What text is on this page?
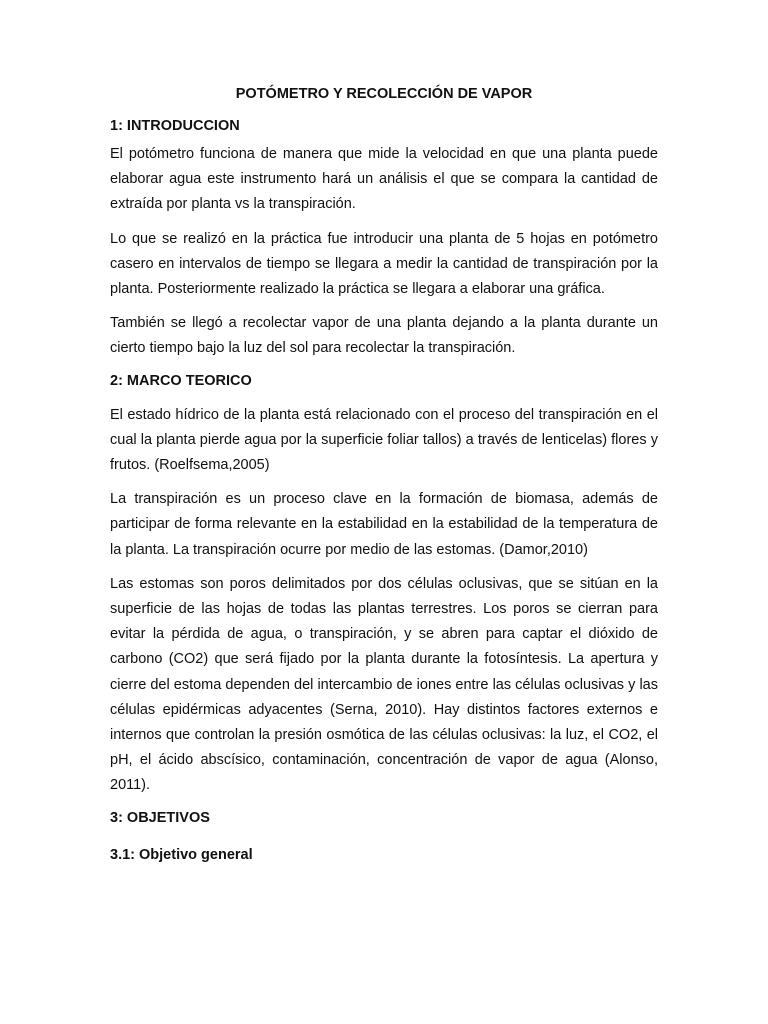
POTÓMETRO Y RECOLECCIÓN DE VAPOR
1: INTRODUCCION

El potómetro funciona de manera que mide la velocidad en que una planta puede elaborar agua este instrumento hará un análisis el que se compara la cantidad de extraída por planta vs la transpiración.

Lo que se realizó en la práctica fue introducir una planta de 5 hojas en potómetro casero en intervalos de tiempo se llegara a medir la cantidad de transpiración por la planta. Posteriormente realizado la práctica se llegara a elaborar una gráfica.

También se llegó a recolectar vapor de una planta dejando a la planta durante un cierto tiempo bajo la luz del sol para recolectar la transpiración.

2: MARCO TEORICO

El estado hídrico de la planta está relacionado con el proceso del transpiración en el cual la planta pierde agua por la superficie foliar tallos) a través de lenticelas) flores y frutos. (Roelfsema,2005)

La transpiración es un proceso clave en la formación de biomasa, además de participar de forma relevante en la estabilidad en la estabilidad de la temperatura de la planta. La transpiración ocurre por medio de las estomas. (Damor,2010)

Las estomas son poros delimitados por dos células oclusivas, que se sitúan en la superficie de las hojas de todas las plantas terrestres. Los poros se cierran para evitar la pérdida de agua, o transpiración, y se abren para captar el dióxido de carbono (CO2) que será fijado por la planta durante la fotosíntesis. La apertura y cierre del estoma dependen del intercambio de iones entre las células oclusivas y las células epidérmicas adyacentes (Serna, 2010). Hay distintos factores externos e internos que controlan la presión osmótica de las células oclusivas: la luz, el CO2, el pH, el ácido abscísico, contaminación, concentración de vapor de agua (Alonso, 2011).

3: OBJETIVOS
3.1: Objetivo general
